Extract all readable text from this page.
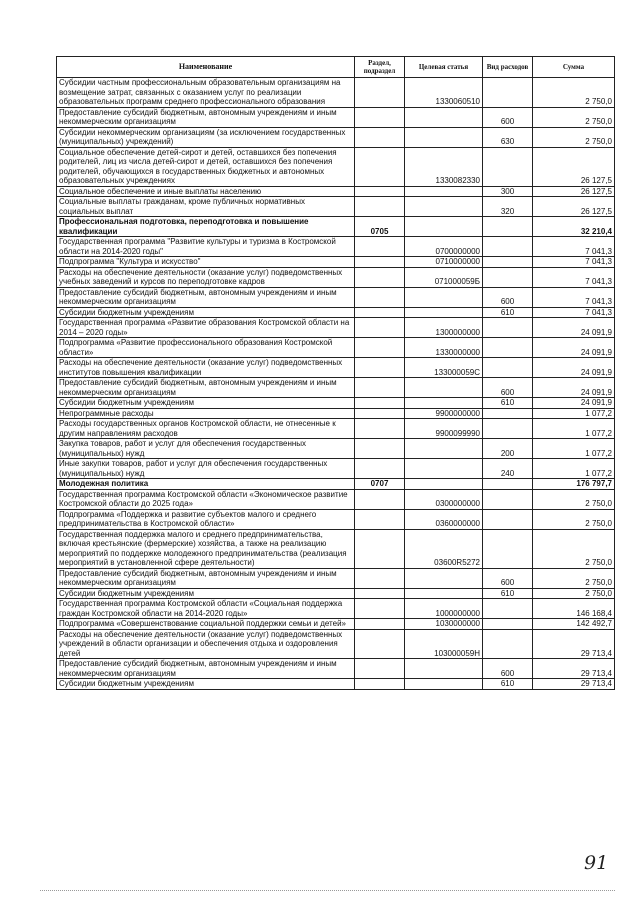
Наименование	Раздел, подраздел	Целевая статья	Вид расходов	Сумма
Субсидии частным профессиональным образовательным организациям на возмещение затрат, связанных с оказанием услуг по реализации образовательных программ среднего профессионального образования		1330060510		2 750,0
Предоставление субсидий бюджетным, автономным учреждениям и иным некоммерческим организациям			600	2 750,0
Субсидии некоммерческим организациям (за исключением государственных (муниципальных) учреждений)			630	2 750,0
Социальное обеспечение детей-сирот и детей, оставшихся без попечения родителей, лиц из числа детей-сирот и детей, оставшихся без попечения родителей, обучающихся в государственных бюджетных и автономных образовательных учреждениях		1330082330		26 127,5
Социальное обеспечение и иные выплаты населению			300	26 127,5
Социальные выплаты гражданам, кроме публичных нормативных социальных выплат			320	26 127,5
Профессиональная подготовка, переподготовка и повышение квалификации	0705			32 210,4
Государственная программа "Развитие культуры и туризма в Костромской области на 2014-2020 годы"		0700000000		7 041,3
Подпрограмма "Культура и искусство"		0710000000		7 041,3
Расходы на обеспечение деятельности (оказание услуг) подведомственных учебных заведений и курсов по переподготовке кадров		071000059Б		7 041,3
Предоставление субсидий бюджетным, автономным учреждениям и иным некоммерческим организациям			600	7 041,3
Субсидии бюджетным учреждениям			610	7 041,3
Государственная программа «Развитие образования Костромской области на 2014 – 2020 годы»		1300000000		24 091,9
Подпрограмма «Развитие профессионального образования Костромской области»		1330000000		24 091,9
Расходы на обеспечение деятельности (оказание услуг) подведомственных институтов повышения квалификации		133000059С		24 091,9
Предоставление субсидий бюджетным, автономным учреждениям и иным некоммерческим организациям			600	24 091,9
Субсидии бюджетным учреждениям			610	24 091,9
Непрограммные расходы		9900000000		1 077,2
Расходы государственных органов Костромской области, не отнесенные к другим направлениям расходов		9900099990		1 077,2
Закупка товаров, работ и услуг для обеспечения государственных (муниципальных) нужд			200	1 077,2
Иные закупки товаров, работ и услуг для обеспечения государственных (муниципальных) нужд			240	1 077,2
Молодежная политика	0707			176 797,7
Государственная программа Костромской области «Экономическое развитие Костромской области до 2025 года»		0300000000		2 750,0
Подпрограмма «Поддержка и развитие субъектов малого и среднего предпринимательства в Костромской области»		0360000000		2 750,0
Государственная поддержка малого и среднего предпринимательства, включая крестьянские (фермерские) хозяйства, а также на реализацию мероприятий по поддержке молодежного предпринимательства (реализация мероприятий в установленной сфере деятельности)		03600R5272		2 750,0
Предоставление субсидий бюджетным, автономным учреждениям и иным некоммерческим организациям			600	2 750,0
Субсидии бюджетным учреждениям			610	2 750,0
Государственная программа Костромской области «Социальная поддержка граждан Костромской области на 2014-2020 годы»		1000000000		146 168,4
Подпрограмма «Совершенствование социальной поддержки семьи и детей»		1030000000		142 492,7
Расходы на обеспечение деятельности (оказание услуг) подведомственных учреждений в области организации и обеспечения отдыха и оздоровления детей		103000059Н		29 713,4
Предоставление субсидий бюджетным, автономным учреждениям и иным некоммерческим организациям			600	29 713,4
Субсидии бюджетным учреждениям			610	29 713,4
91
